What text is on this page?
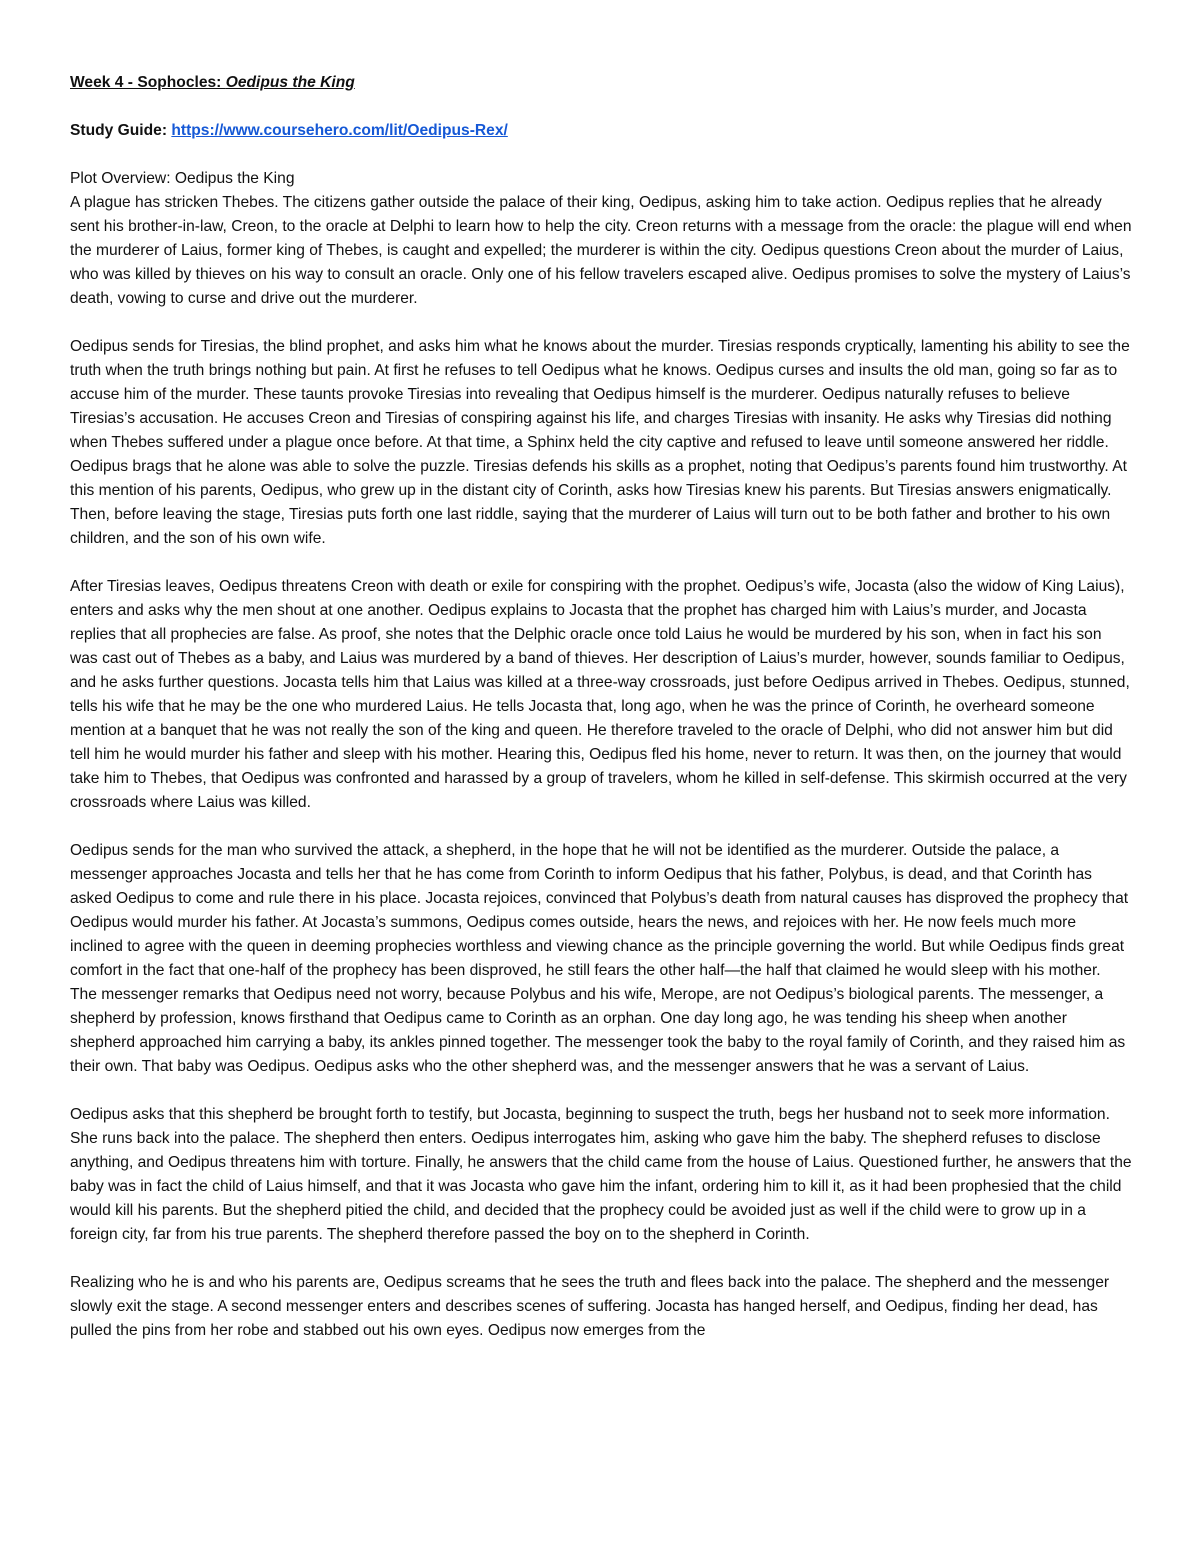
Week 4 - Sophocles: Oedipus the King

Study Guide: https://www.coursehero.com/lit/Oedipus-Rex/

Plot Overview: Oedipus the King

A plague has stricken Thebes. The citizens gather outside the palace of their king, Oedipus, asking him to take action. Oedipus replies that he already sent his brother-in-law, Creon, to the oracle at Delphi to learn how to help the city. Creon returns with a message from the oracle: the plague will end when the murderer of Laius, former king of Thebes, is caught and expelled; the murderer is within the city. Oedipus questions Creon about the murder of Laius, who was killed by thieves on his way to consult an oracle. Only one of his fellow travelers escaped alive. Oedipus promises to solve the mystery of Laius’s death, vowing to curse and drive out the murderer.

Oedipus sends for Tiresias, the blind prophet, and asks him what he knows about the murder. Tiresias responds cryptically, lamenting his ability to see the truth when the truth brings nothing but pain. At first he refuses to tell Oedipus what he knows. Oedipus curses and insults the old man, going so far as to accuse him of the murder. These taunts provoke Tiresias into revealing that Oedipus himself is the murderer. Oedipus naturally refuses to believe Tiresias’s accusation. He accuses Creon and Tiresias of conspiring against his life, and charges Tiresias with insanity. He asks why Tiresias did nothing when Thebes suffered under a plague once before. At that time, a Sphinx held the city captive and refused to leave until someone answered her riddle. Oedipus brags that he alone was able to solve the puzzle. Tiresias defends his skills as a prophet, noting that Oedipus’s parents found him trustworthy. At this mention of his parents, Oedipus, who grew up in the distant city of Corinth, asks how Tiresias knew his parents. But Tiresias answers enigmatically. Then, before leaving the stage, Tiresias puts forth one last riddle, saying that the murderer of Laius will turn out to be both father and brother to his own children, and the son of his own wife.

After Tiresias leaves, Oedipus threatens Creon with death or exile for conspiring with the prophet. Oedipus’s wife, Jocasta (also the widow of King Laius), enters and asks why the men shout at one another. Oedipus explains to Jocasta that the prophet has charged him with Laius’s murder, and Jocasta replies that all prophecies are false. As proof, she notes that the Delphic oracle once told Laius he would be murdered by his son, when in fact his son was cast out of Thebes as a baby, and Laius was murdered by a band of thieves. Her description of Laius’s murder, however, sounds familiar to Oedipus, and he asks further questions. Jocasta tells him that Laius was killed at a three-way crossroads, just before Oedipus arrived in Thebes. Oedipus, stunned, tells his wife that he may be the one who murdered Laius. He tells Jocasta that, long ago, when he was the prince of Corinth, he overheard someone mention at a banquet that he was not really the son of the king and queen. He therefore traveled to the oracle of Delphi, who did not answer him but did tell him he would murder his father and sleep with his mother. Hearing this, Oedipus fled his home, never to return. It was then, on the journey that would take him to Thebes, that Oedipus was confronted and harassed by a group of travelers, whom he killed in self-defense. This skirmish occurred at the very crossroads where Laius was killed.

Oedipus sends for the man who survived the attack, a shepherd, in the hope that he will not be identified as the murderer. Outside the palace, a messenger approaches Jocasta and tells her that he has come from Corinth to inform Oedipus that his father, Polybus, is dead, and that Corinth has asked Oedipus to come and rule there in his place. Jocasta rejoices, convinced that Polybus’s death from natural causes has disproved the prophecy that Oedipus would murder his father. At Jocasta’s summons, Oedipus comes outside, hears the news, and rejoices with her. He now feels much more inclined to agree with the queen in deeming prophecies worthless and viewing chance as the principle governing the world. But while Oedipus finds great comfort in the fact that one-half of the prophecy has been disproved, he still fears the other half—the half that claimed he would sleep with his mother.

The messenger remarks that Oedipus need not worry, because Polybus and his wife, Merope, are not Oedipus’s biological parents. The messenger, a shepherd by profession, knows firsthand that Oedipus came to Corinth as an orphan. One day long ago, he was tending his sheep when another shepherd approached him carrying a baby, its ankles pinned together. The messenger took the baby to the royal family of Corinth, and they raised him as their own. That baby was Oedipus. Oedipus asks who the other shepherd was, and the messenger answers that he was a servant of Laius.

Oedipus asks that this shepherd be brought forth to testify, but Jocasta, beginning to suspect the truth, begs her husband not to seek more information. She runs back into the palace. The shepherd then enters. Oedipus interrogates him, asking who gave him the baby. The shepherd refuses to disclose anything, and Oedipus threatens him with torture. Finally, he answers that the child came from the house of Laius. Questioned further, he answers that the baby was in fact the child of Laius himself, and that it was Jocasta who gave him the infant, ordering him to kill it, as it had been prophesied that the child would kill his parents. But the shepherd pitied the child, and decided that the prophecy could be avoided just as well if the child were to grow up in a foreign city, far from his true parents. The shepherd therefore passed the boy on to the shepherd in Corinth.

Realizing who he is and who his parents are, Oedipus screams that he sees the truth and flees back into the palace. The shepherd and the messenger slowly exit the stage. A second messenger enters and describes scenes of suffering. Jocasta has hanged herself, and Oedipus, finding her dead, has pulled the pins from her robe and stabbed out his own eyes. Oedipus now emerges from the
